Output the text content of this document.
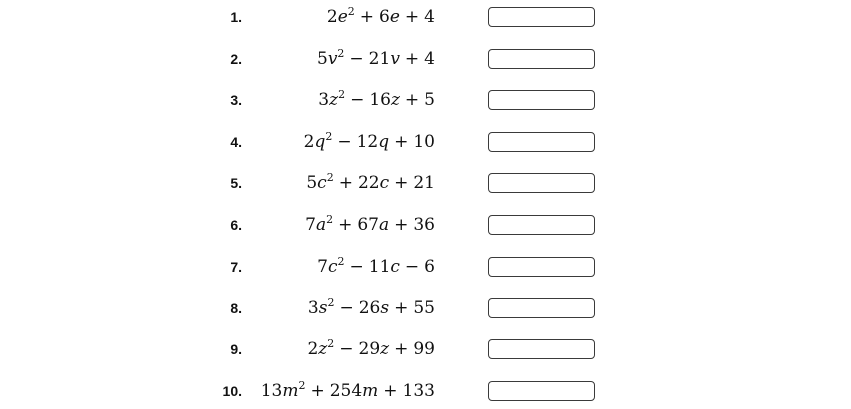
1.	$2e^2 + 6e + 4$
2.	$5v^2 - 21v + 4$
3.	$3z^2 - 16z + 5$
4.	$2q^2 - 12q + 10$
5.	$5c^2 + 22c + 21$
6.	$7a^2 + 67a + 36$
7.	$7c^2 - 11c - 6$
8.	$3s^2 - 26s + 55$
9.	$2z^2 - 29z + 99$
10. $13m^2 + 254m + 133$
